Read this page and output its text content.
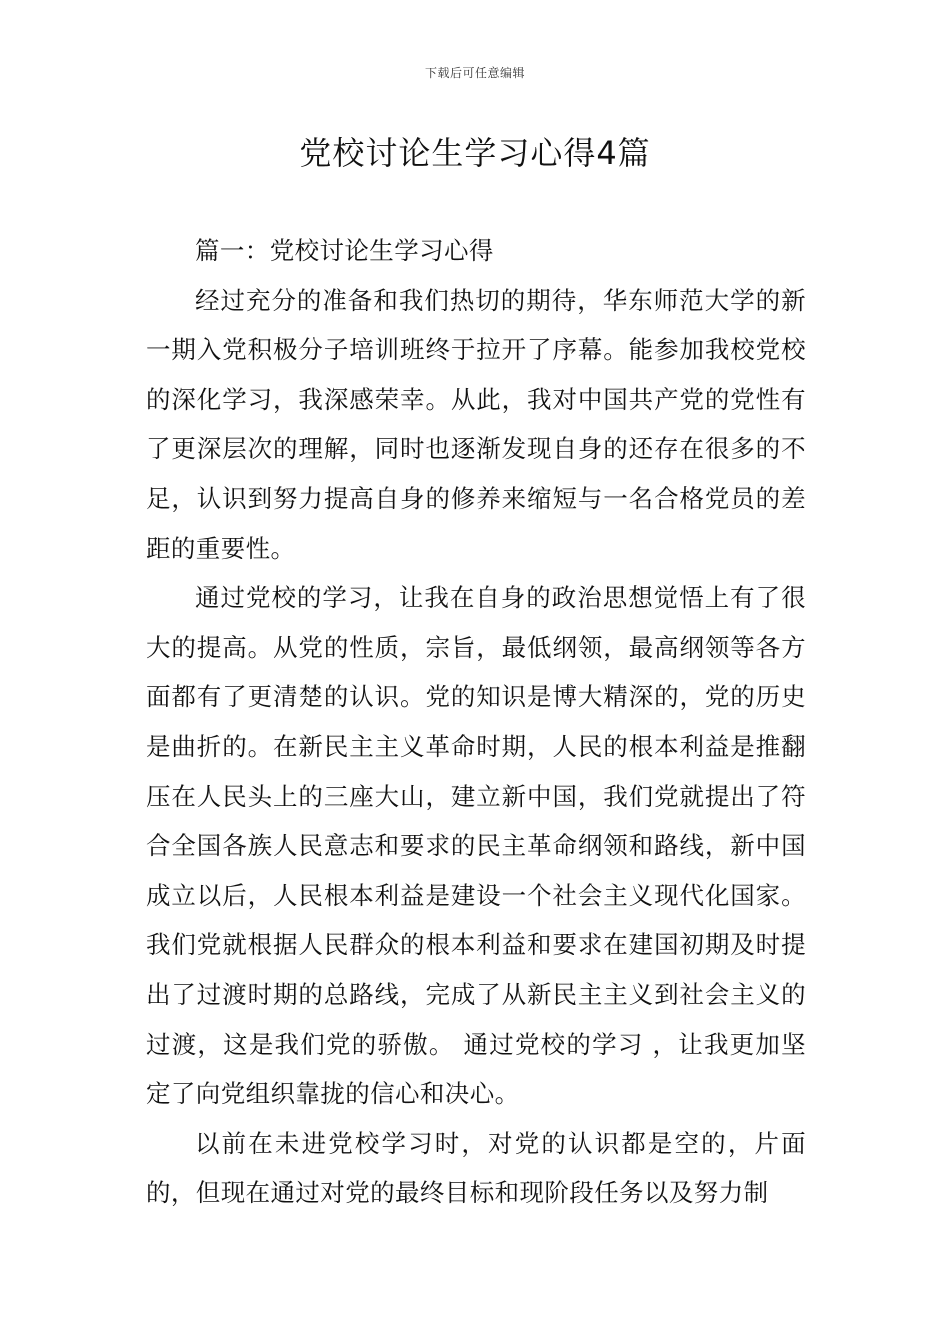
下载后可任意编辑
党校讨论生学习心得4篇

篇一：党校讨论生学习心得

经过充分的准备和我们热切的期待，华东师范大学的新一期入党积极分子培训班终于拉开了序幕。能参加我校党校的深化学习，我深感荣幸。从此，我对中国共产党的党性有了更深层次的理解，同时也逐渐发现自身的还存在很多的不足，认识到努力提高自身的修养来缩短与一名合格党员的差距的重要性。

通过党校的学习，让我在自身的政治思想觉悟上有了很大的提高。从党的性质，宗旨，最低纲领，最高纲领等各方面都有了更清楚的认识。党的知识是博大精深的，党的历史是曲折的。在新民主主义革命时期，人民的根本利益是推翻压在人民头上的三座大山，建立新中国，我们党就提出了符合全国各族人民意志和要求的民主革命纲领和路线，新中国成立以后，人民根本利益是建设一个社会主义现代化国家。我们党就根据人民群众的根本利益和要求在建国初期及时提出了过渡时期的总路线，完成了从新民主主义到社会主义的过渡，这是我们党的骄傲。 通过党校的学习 ，让我更加坚定了向党组织靠拢的信心和决心。

以前在未进党校学习时，对党的认识都是空的，片面的，但现在通过对党的最终目标和现阶段任务以及努力制
